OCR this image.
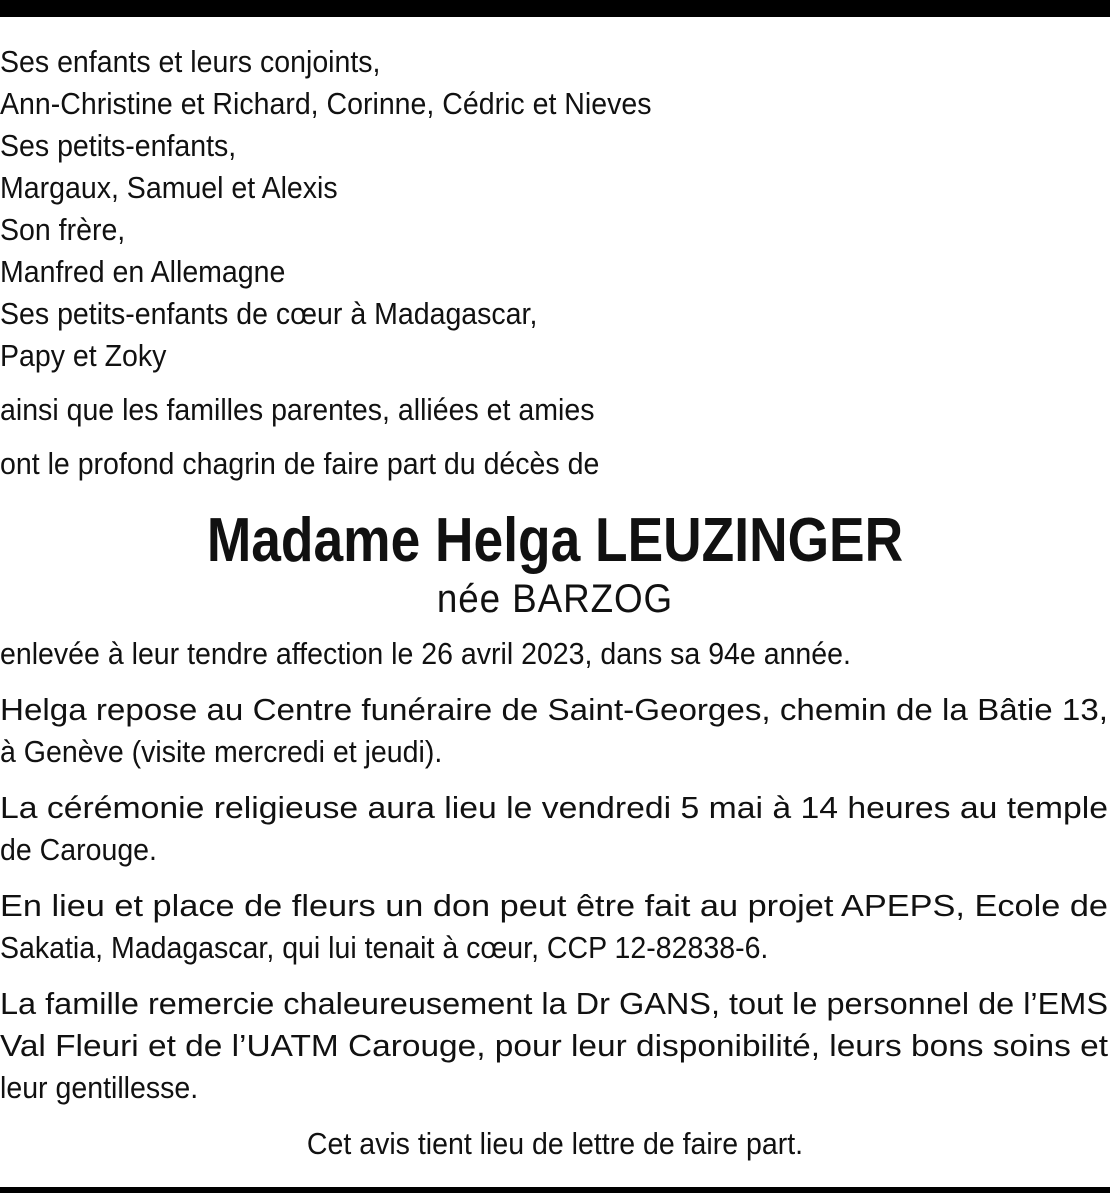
Ses enfants et leurs conjoints,
Ann-Christine et Richard, Corinne, Cédric et Nieves
Ses petits-enfants,
Margaux, Samuel et Alexis
Son frère,
Manfred en Allemagne
Ses petits-enfants de cœur à Madagascar,
Papy et Zoky
ainsi que les familles parentes, alliées et amies
ont le profond chagrin de faire part du décès de
Madame Helga LEUZINGER
née BARZOG
enlevée à leur tendre affection le 26 avril 2023, dans sa 94e année.
Helga repose au Centre funéraire de Saint-Georges, chemin de la Bâtie 13,
à Genève (visite mercredi et jeudi).
La cérémonie religieuse aura lieu le vendredi 5 mai à 14 heures au temple
de Carouge.
En lieu et place de fleurs un don peut être fait au projet APEPS, Ecole de
Sakatia, Madagascar, qui lui tenait à cœur, CCP 12-82838-6.
La famille remercie chaleureusement la Dr GANS, tout le personnel de l’EMS
Val Fleuri et de l’UATM Carouge, pour leur disponibilité, leurs bons soins et
leur gentillesse.
Cet avis tient lieu de lettre de faire part.
